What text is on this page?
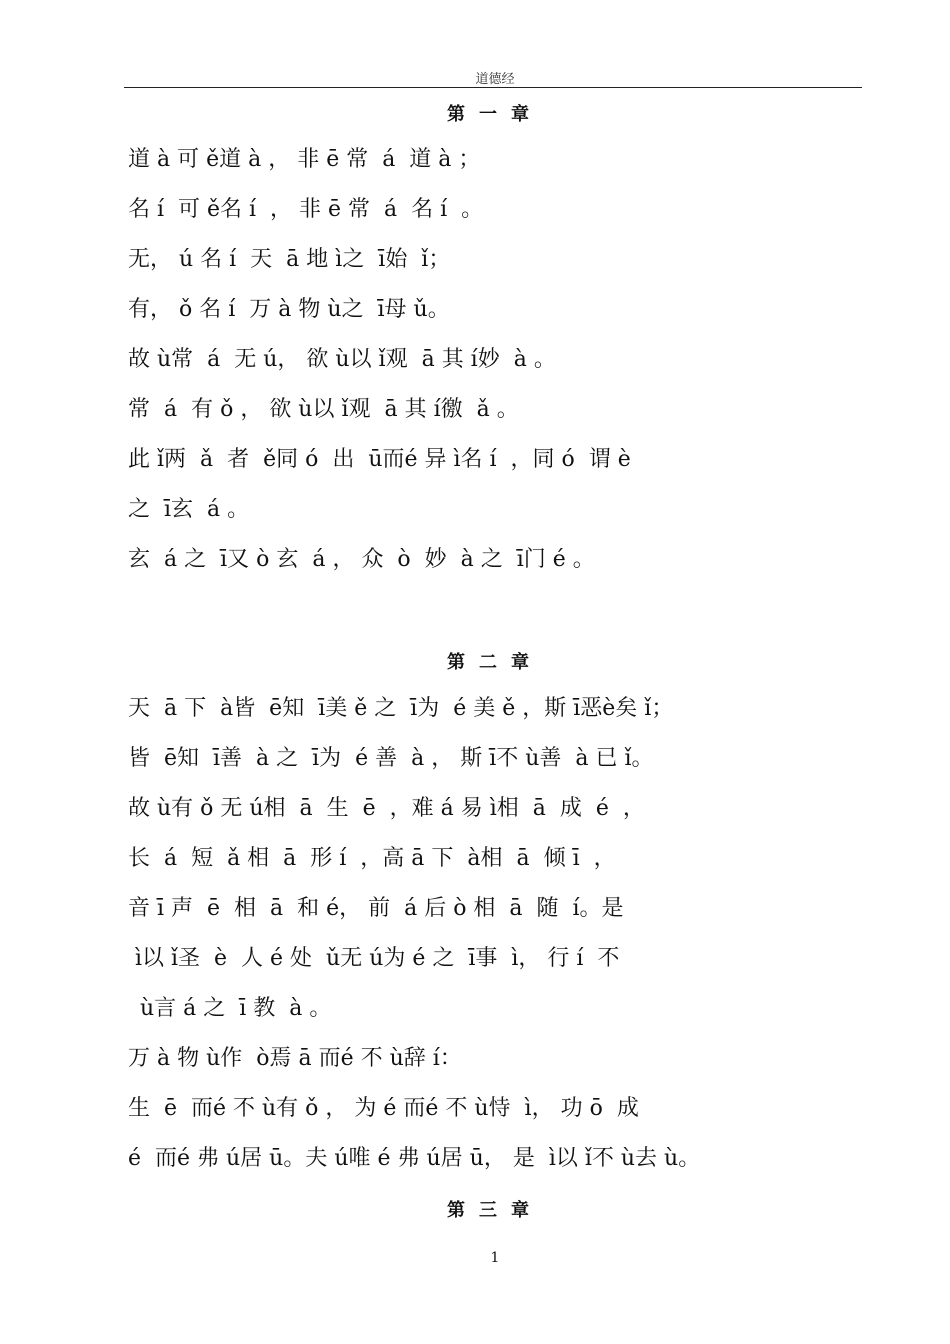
道德经
第一章
道 à 可 ě道 à ， 非 ē 常  á  道 à ；
名 í  可 ě名 í  ， 非 ē 常  á  名 í  。
无， ú 名 í  天  ā 地 ì之  ī始  ǐ；
有， ǒ 名 í  万 à 物 ù之  ī母 ǔ。
故 ù常  á  无 ú， 欲 ù以 ǐ观  ā 其 í妙  à 。
常  á  有 ǒ ， 欲 ù以 ǐ观  ā 其 í徼  ǎ 。
此 ǐ两  ǎ  者  ě同 ó  出  ū而é 异 ì名 í  ，同 ó  谓 è
之  ī玄  á 。
玄  á 之  ī又 ò 玄  á ， 众  ò  妙  à 之  ī门 é 。
第二章
天  ā 下  à皆  ē知  ī美 ě 之  ī为  é 美 ě ，斯 ī恶è矣 ǐ；
皆  ē知  ī善  à 之  ī为  é 善  à ， 斯 ī不 ù善  à 已 ǐ。
故 ù有 ǒ 无 ú相  ā  生  ē  ，难 á 易 ì相  ā  成  é  ，
长  á  短  ǎ 相  ā  形 í  ，高 ā 下  à相  ā  倾 ī  ，
音 ī 声  ē  相  ā  和 é， 前  á 后 ò 相  ā  随  í。是
ì以 ǐ圣  è  人 é 处  ǔ无 ú为 é 之  ī事  ì， 行 í  不
ù言 á 之  ī 教  à 。
万 à 物 ù作  ò焉 ā 而é 不 ù辞 í：
生  ē  而é 不 ù有 ǒ ， 为 é 而é 不 ù恃  ì， 功 ō  成
é  而é 弗 ú居 ū。夫 ú唯 é 弗 ú居 ū， 是  ì以 ǐ不 ù去 ù。
第三章
1
